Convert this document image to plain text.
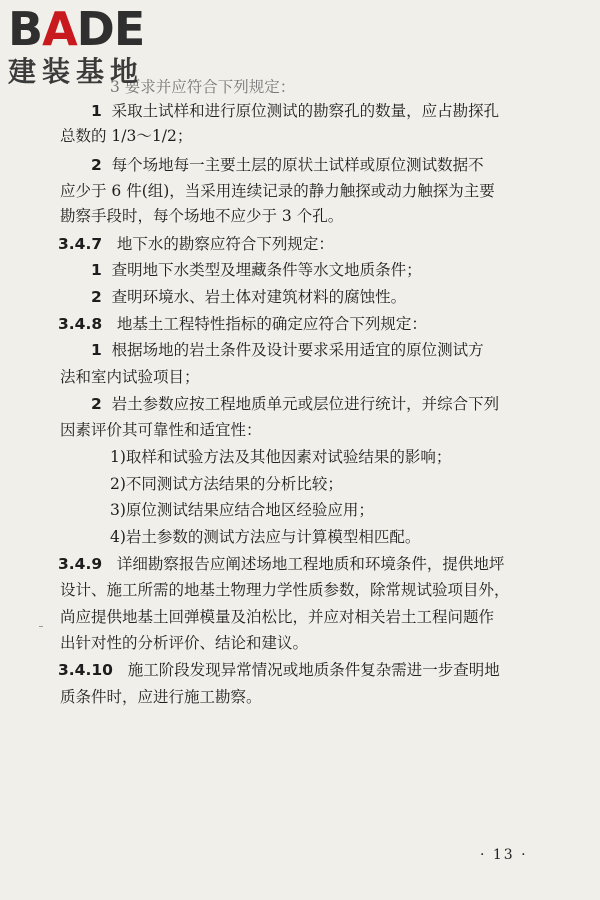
BADE
建装基地
3 要求并应符合下列规定：
1 采取土试样和进行原位测试的勘察孔的数量，应占勘探孔
总数的 1/3～1/2；
2 每个场地每一主要土层的原状土试样或原位测试数据不
应少于 6 件(组)，当采用连续记录的静力触探或动力触探为主要
勘察手段时，每个场地不应少于 3 个孔。
3.4.7 地下水的勘察应符合下列规定：
1 查明地下水类型及埋藏条件等水文地质条件；
2 查明环境水、岩土体对建筑材料的腐蚀性。
3.4.8 地基土工程特性指标的确定应符合下列规定：
1 根据场地的岩土条件及设计要求采用适宜的原位测试方
法和室内试验项目；
2 岩土参数应按工程地质单元或层位进行统计，并综合下列
因素评价其可靠性和适宜性：
1)取样和试验方法及其他因素对试验结果的影响；
2)不同测试方法结果的分析比较；
3)原位测试结果应结合地区经验应用；
4)岩土参数的测试方法应与计算模型相匹配。
3.4.9 详细勘察报告应阐述场地工程地质和环境条件，提供地坪
设计、施工所需的地基土物理力学性质参数，除常规试验项目外，
尚应提供地基土回弹模量及泊松比，并应对相关岩土工程问题作
出针对性的分析评价、结论和建议。
3.4.10 施工阶段发现异常情况或地质条件复杂需进一步查明地
质条件时，应进行施工勘察。
· 13 ·
